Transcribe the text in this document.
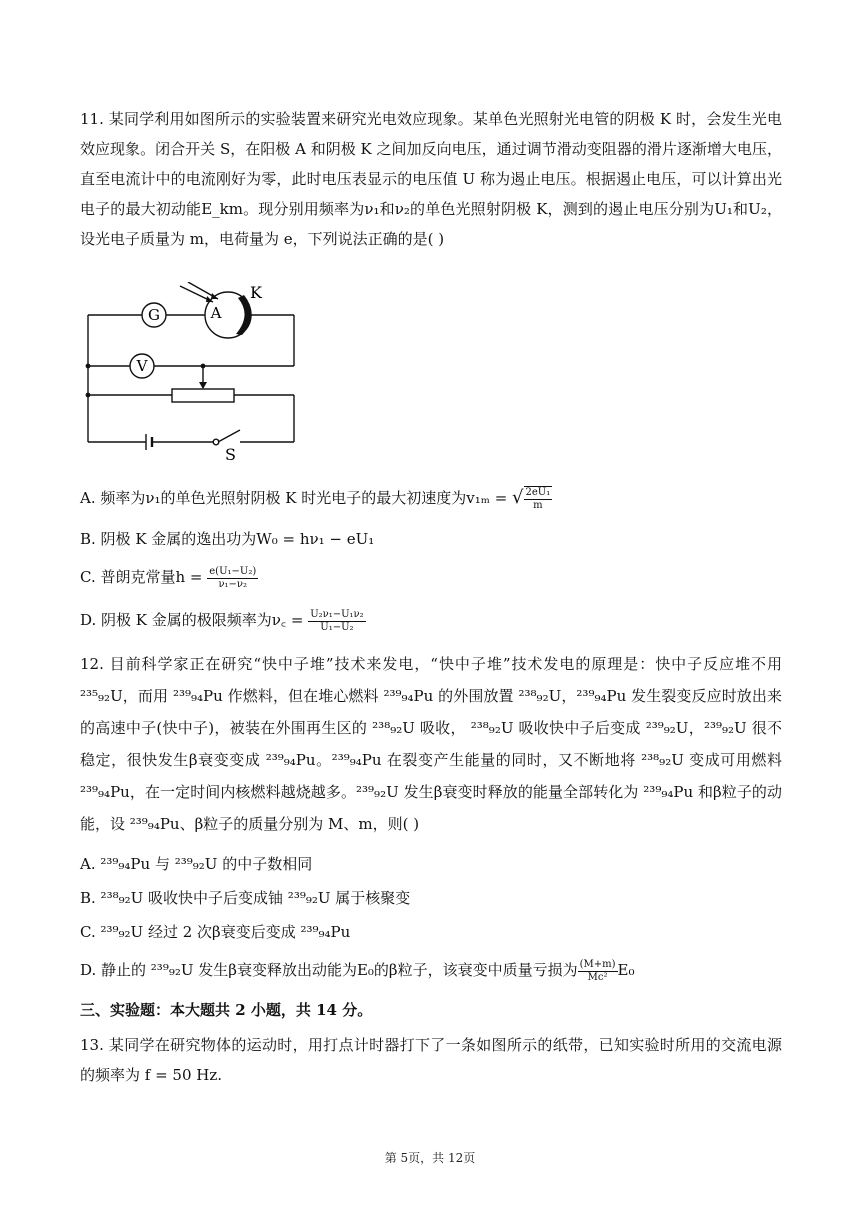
11. 某同学利用如图所示的实验装置来研究光电效应现象。某单色光照射光电管的阴极 K 时，会发生光电效应现象。闭合开关 S，在阳极 A 和阴极 K 之间加反向电压，通过调节滑动变阻器的滑片逐渐增大电压，直至电流计中的电流刚好为零，此时电压表显示的电压值 U 称为遏止电压。根据遏止电压，可以计算出光电子的最大初动能E_km。现分别用频率为ν₁和ν₂的单色光照射阴极 K，测到的遏止电压分别为U₁和U₂，设光电子质量为 m，电荷量为 e，下列说法正确的是( )

G
V
A
K
S

A. 频率为ν₁的单色光照射阴极 K 时光电子的最大初速度为v₁ₘ = √ $\frac{\text{2eU₁}}{m}$

B. 阴极 K 金属的逸出功为W₀ = hν₁ − eU₁

C. 普朗克常量$h = \frac{\text{e(U₁−U₂)}}{\text{ν₁−ν₂}}$

D. 阴极 K 金属的极限频率为ν꜀ = $\frac{\text{U₂ν₁−U₁ν₂}}{\text{U₁−U₂}}$

12. 目前科学家正在研究“快中子堆”技术来发电，“快中子堆”技术发电的原理是：快中子反应堆不用 ²³⁵₉₂U，而用 ²³⁹₉₄Pu 作燃料，但在堆心燃料 ²³⁹₉₄Pu 的外围放置 ²³⁸₉₂U，²³⁹₉₄Pu 发生裂变反应时放出来的高速中子(快中子)，被装在外围再生区的 ²³⁸₉₂U 吸收， ²³⁸₉₂U 吸收快中子后变成 ²³⁹₉₂U，²³⁹₉₂U 很不稳定，很快发生β衰变变成 ²³⁹₉₄Pu。²³⁹₉₄Pu 在裂变产生能量的同时，又不断地将 ²³⁸₉₂U 变成可用燃料 ²³⁹₉₄Pu，在一定时间内核燃料越烧越多。²³⁹₉₂U 发生β衰变时释放的能量全部转化为 ²³⁹₉₄Pu 和β粒子的动能，设 ²³⁹₉₄Pu、β粒子的质量分别为 M、m，则( )

A. ²³⁹₉₄Pu 与 ²³⁹₉₂U 的中子数相同

B. ²³⁸₉₂U 吸收快中子后变成铀 ²³⁹₉₂U 属于核聚变

C. ²³⁹₉₂U 经过 2 次β衰变后变成 ²³⁹₉₄Pu

D. 静止的 ²³⁹₉₂U 发生β衰变释放出动能为E₀的β粒子，该衰变中质量亏损为 $\frac{(M+m)}{\text{Mc²}} E_0$

三、实验题：本大题共 2 小题，共 14 分。

13. 某同学在研究物体的运动时，用打点计时器打下了一条如图所示的纸带，已知实验时所用的交流电源的频率为 f = 50 Hz.

第 5页，共 12页
